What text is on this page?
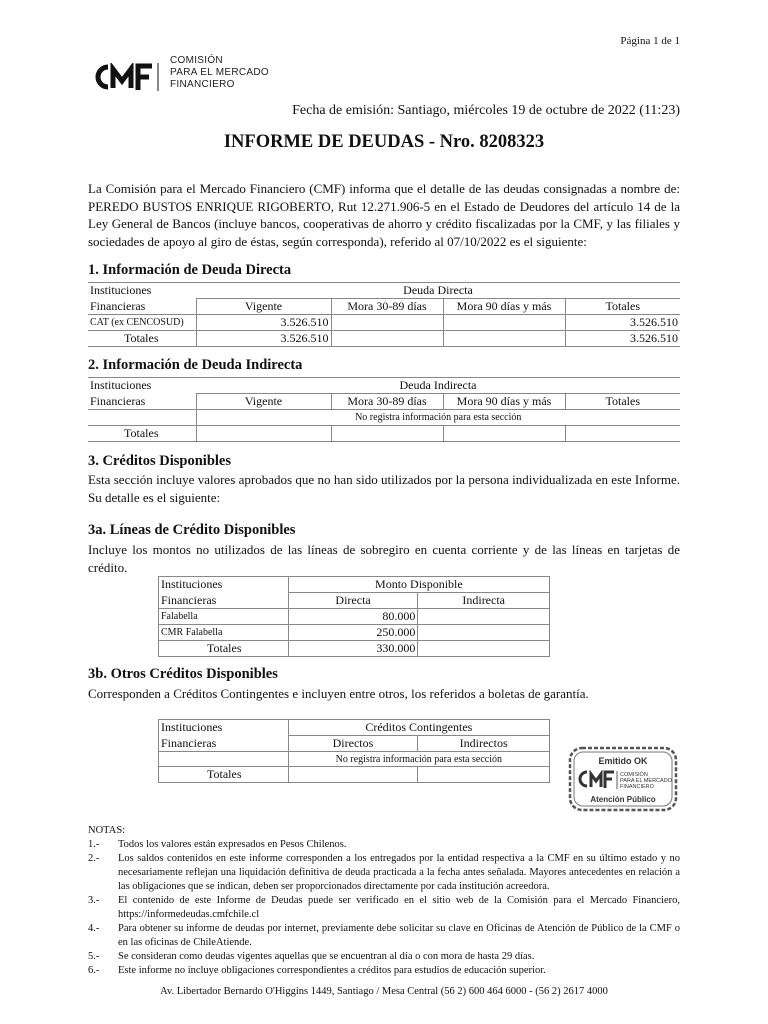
Página 1 de 1
COMISIÓN
PARA EL MERCADO
FINANCIERO
Fecha de emisión: Santiago, miércoles 19 de octubre de 2022 (11:23)
INFORME DE DEUDAS - Nro. 8208323
La Comisión para el Mercado Financiero (CMF) informa que el detalle de las deudas consignadas a nombre de: PEREDO BUSTOS ENRIQUE RIGOBERTO, Rut 12.271.906-5 en el Estado de Deudores del artículo 14 de la Ley General de Bancos (incluye bancos, cooperativas de ahorro y crédito fiscalizadas por la CMF, y las filiales y sociedades de apoyo al giro de éstas, según corresponda), referido al 07/10/2022 es el siguiente:
1. Información de Deuda Directa
Instituciones	Deuda Directa			
Financieras	Vigente	Mora 30-89 días	Mora 90 días y más	Totales
CAT (ex CENCOSUD)	3.526.510			3.526.510
Totales	3.526.510			3.526.510
2. Información de Deuda Indirecta
Instituciones	Deuda Indirecta			
Financieras	Vigente	Mora 30-89 días	Mora 90 días y más	Totales
	No registra información para esta sección			
Totales				
3. Créditos Disponibles
Esta sección incluye valores aprobados que no han sido utilizados por la persona individualizada en este Informe. Su detalle es el siguiente:
3a. Líneas de Crédito Disponibles
Incluye los montos no utilizados de las líneas de sobregiro en cuenta corriente y de las líneas en tarjetas de crédito.
Instituciones	Monto Disponible	
Financieras	Directa	Indirecta
Falabella	80.000	
CMR Falabella	250.000	
Totales	330.000	
3b. Otros Créditos Disponibles
Corresponden a Créditos Contingentes e incluyen entre otros, los referidos a boletas de garantía.
Instituciones	Créditos Contingentes	
Financieras	Directos	Indirectos
	No registra información para esta sección	
Totales		
Emitido OK
COMISIÓN
PARA EL MERCADO
FINANCIERO
Atención Público
NOTAS:
1.-	Todos los valores están expresados en Pesos Chilenos.
2.-	Los saldos contenidos en este informe corresponden a los entregados por la entidad respectiva a la CMF en su último estado y no necesariamente reflejan una liquidación definitiva de deuda practicada a la fecha antes señalada. Mayores antecedentes en relación a las obligaciones que se indican, deben ser proporcionados directamente por cada institución acreedora.
3.-	El contenido de este Informe de Deudas puede ser verificado en el sitio web de la Comisión para el Mercado Financiero, https://informedeudas.cmfchile.cl
4.-	Para obtener su informe de deudas por internet, previamente debe solicitar su clave en Oficinas de Atención de Público de la CMF o en las oficinas de ChileAtiende.
5.-	Se consideran como deudas vigentes aquellas que se encuentran al día o con mora de hasta 29 días.
6.-	Este informe no incluye obligaciones correspondientes a créditos para estudios de educación superior.
Av. Libertador Bernardo O'Higgins 1449, Santiago / Mesa Central (56 2) 600 464 6000 - (56 2) 2617 4000
